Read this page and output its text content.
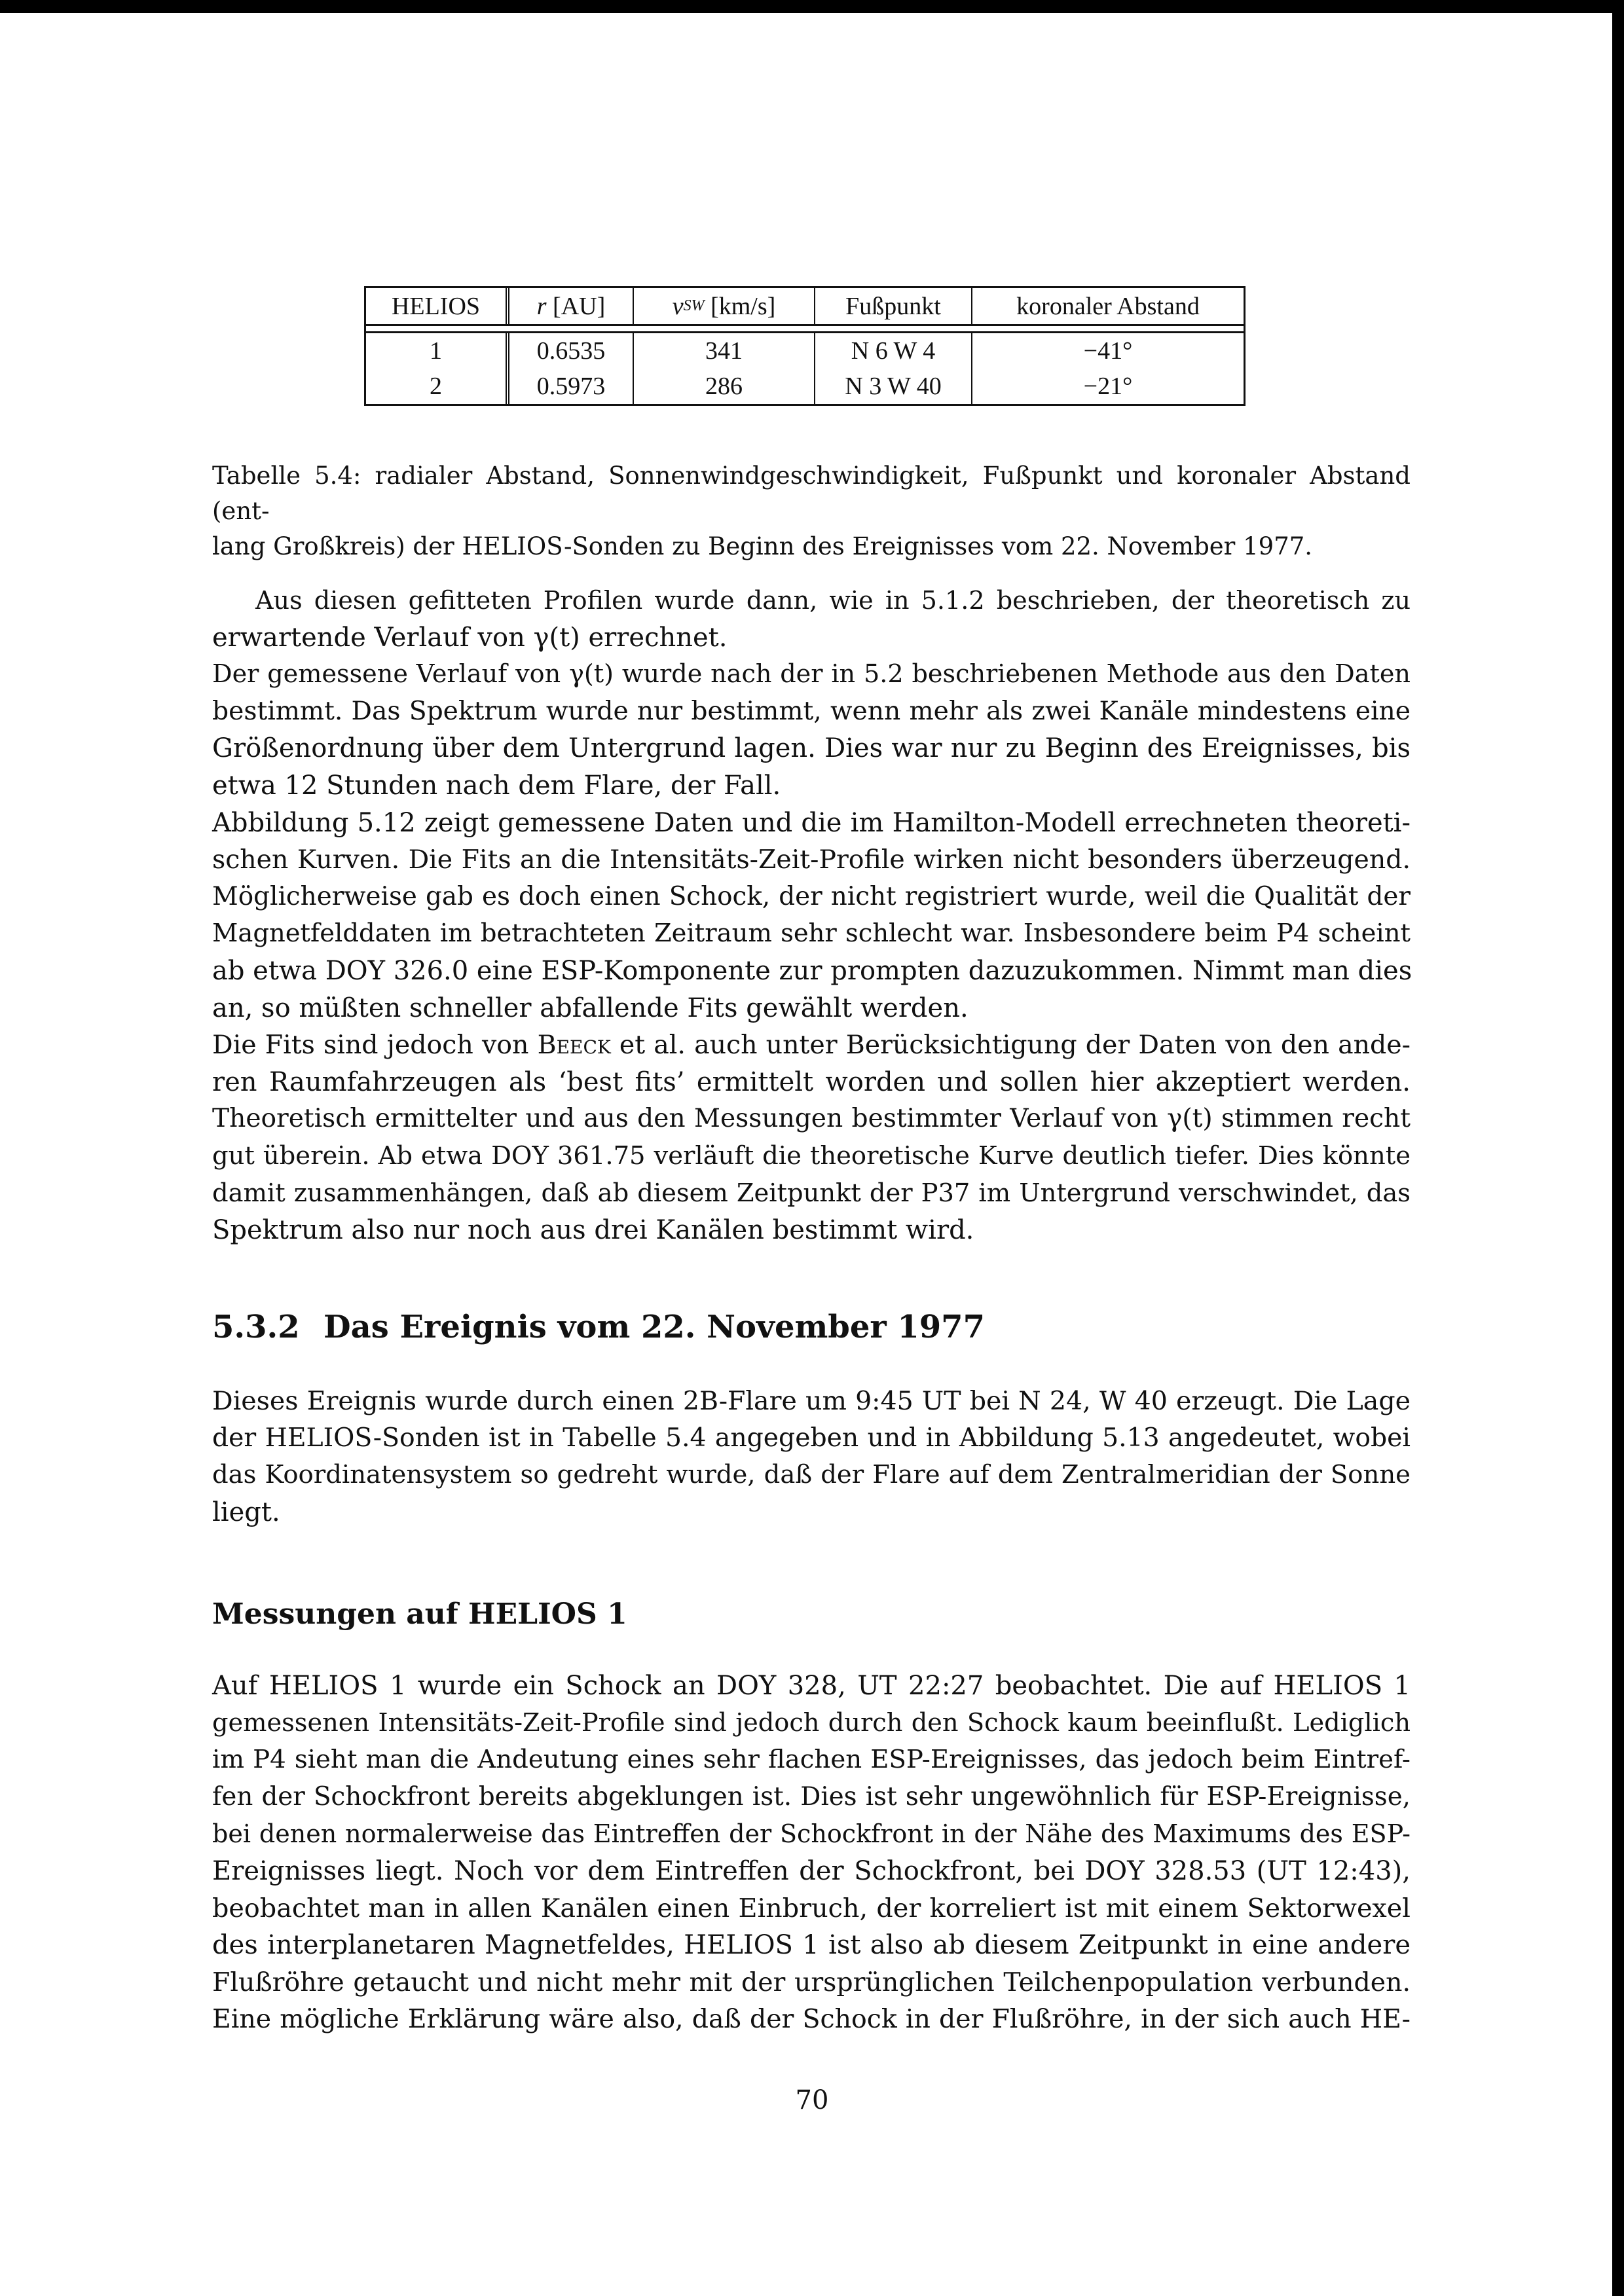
HELIOS	r [AU]	v SW [km/s]	Fußpunkt	koronaler Abstand
1	0.6535	341	N 6 W 4	−41°
2	0.5973	286	N 3 W 40	−21°
Tabelle 5.4: radialer Abstand, Sonnenwindgeschwindigkeit, Fußpunkt und koronaler Abstand (ent-
lang Großkreis) der HELIOS-Sonden zu Beginn des Ereignisses vom 22. November 1977.
Aus diesen gefitteten Profilen wurde dann, wie in 5.1.2 beschrieben, der theoretisch zu
erwartende Verlauf von γ(t) errechnet.
Der gemessene Verlauf von γ(t) wurde nach der in 5.2 beschriebenen Methode aus den Daten
bestimmt. Das Spektrum wurde nur bestimmt, wenn mehr als zwei Kanäle mindestens eine
Größenordnung über dem Untergrund lagen. Dies war nur zu Beginn des Ereignisses, bis
etwa 12 Stunden nach dem Flare, der Fall.
Abbildung 5.12 zeigt gemessene Daten und die im Hamilton-Modell errechneten theoreti-
schen Kurven. Die Fits an die Intensitäts-Zeit-Profile wirken nicht besonders überzeugend.
Möglicherweise gab es doch einen Schock, der nicht registriert wurde, weil die Qualität der
Magnetfelddaten im betrachteten Zeitraum sehr schlecht war. Insbesondere beim P4 scheint
ab etwa DOY 326.0 eine ESP-Komponente zur prompten dazuzukommen. Nimmt man dies
an, so müßten schneller abfallende Fits gewählt werden.
Die Fits sind jedoch von Beeck et al. auch unter Berücksichtigung der Daten von den ande-
ren Raumfahrzeugen als ‘best fits’ ermittelt worden und sollen hier akzeptiert werden.
Theoretisch ermittelter und aus den Messungen bestimmter Verlauf von γ(t) stimmen recht
gut überein. Ab etwa DOY 361.75 verläuft die theoretische Kurve deutlich tiefer. Dies könnte
damit zusammenhängen, daß ab diesem Zeitpunkt der P37 im Untergrund verschwindet, das
Spektrum also nur noch aus drei Kanälen bestimmt wird.
5.3.2 Das Ereignis vom 22. November 1977
Dieses Ereignis wurde durch einen 2B-Flare um 9:45 UT bei N 24, W 40 erzeugt. Die Lage
der HELIOS-Sonden ist in Tabelle 5.4 angegeben und in Abbildung 5.13 angedeutet, wobei
das Koordinatensystem so gedreht wurde, daß der Flare auf dem Zentralmeridian der Sonne
liegt.
Messungen auf HELIOS 1
Auf HELIOS 1 wurde ein Schock an DOY 328, UT 22:27 beobachtet. Die auf HELIOS 1
gemessenen Intensitäts-Zeit-Profile sind jedoch durch den Schock kaum beeinflußt. Lediglich
im P4 sieht man die Andeutung eines sehr flachen ESP-Ereignisses, das jedoch beim Eintref-
fen der Schockfront bereits abgeklungen ist. Dies ist sehr ungewöhnlich für ESP-Ereignisse,
bei denen normalerweise das Eintreffen der Schockfront in der Nähe des Maximums des ESP-
Ereignisses liegt. Noch vor dem Eintreffen der Schockfront, bei DOY 328.53 (UT 12:43),
beobachtet man in allen Kanälen einen Einbruch, der korreliert ist mit einem Sektorwexel
des interplanetaren Magnetfeldes, HELIOS 1 ist also ab diesem Zeitpunkt in eine andere
Flußröhre getaucht und nicht mehr mit der ursprünglichen Teilchenpopulation verbunden.
Eine mögliche Erklärung wäre also, daß der Schock in der Flußröhre, in der sich auch HE-
70
